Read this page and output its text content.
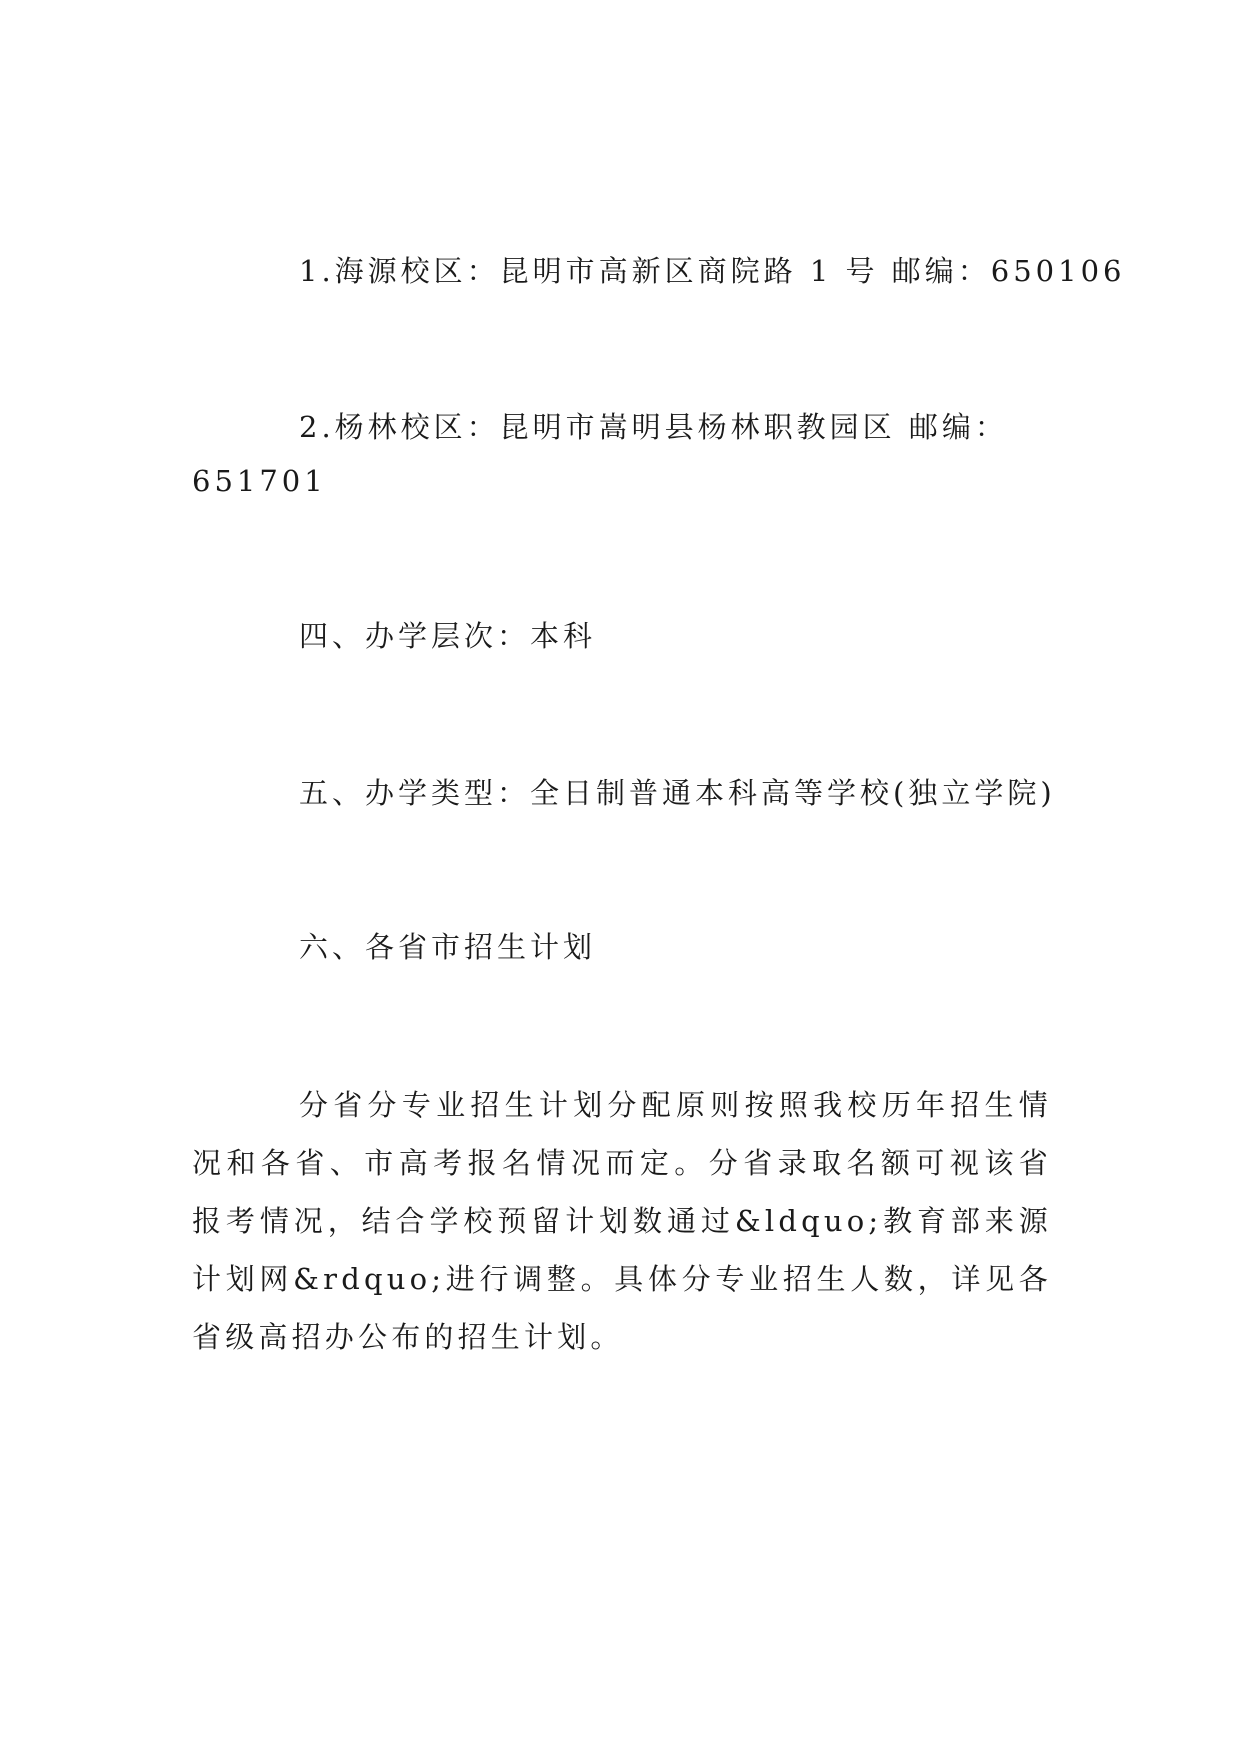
1.海源校区：昆明市高新区商院路 1 号 邮编：650106
2.杨林校区：昆明市嵩明县杨林职教园区 邮编：
651701
四、办学层次：本科
五、办学类型：全日制普通本科高等学校(独立学院)
六、各省市招生计划
分省分专业招生计划分配原则按照我校历年招生情况和各省、市高考报名情况而定。分省录取名额可视该省报考情况，结合学校预留计划数通过&ldquo;教育部来源计划网&rdquo;进行调整。具体分专业招生人数，详见各省级高招办公布的招生计划。
